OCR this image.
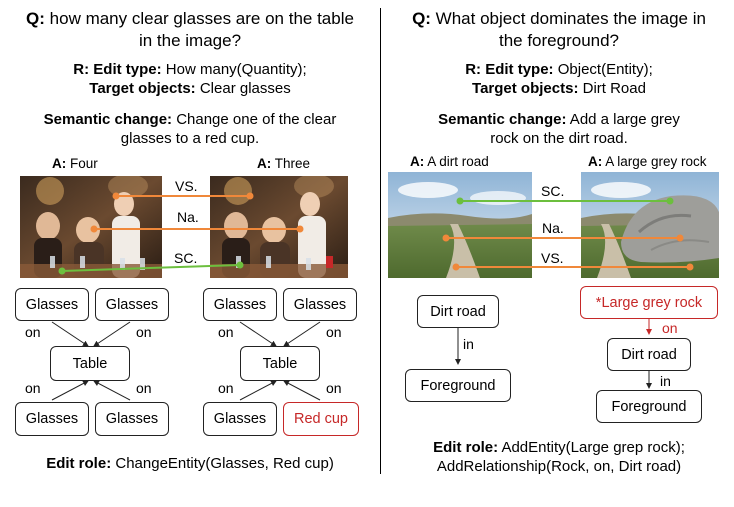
Q: how many clear glasses are on the table
in the image?
R: Edit type: How many(Quantity);
Target objects: Clear glasses
Semantic change: Change one of the clear
glasses to a red cup.
A: Four	A: Three
VS.
Na.
SC.
Glasses	Glasses
Table
Glasses	Glasses
on	on
on	on
Glasses	Glasses
Table
Glasses	Red cup
on	on
on	on
Edit role: ChangeEntity(Glasses, Red cup)
Q: What object dominates the image in
the foreground?
R: Edit type: Object(Entity);
Target objects: Dirt Road
Semantic change: Add a large grey
rock on the dirt road.
A: A dirt road	A: A large grey rock
SC.
Na.
VS.
Dirt road
Foreground
in
*Large grey rock
Dirt road
Foreground
on
in
Edit role: AddEntity(Large grep rock);
AddRelationship(Rock, on, Dirt road)
